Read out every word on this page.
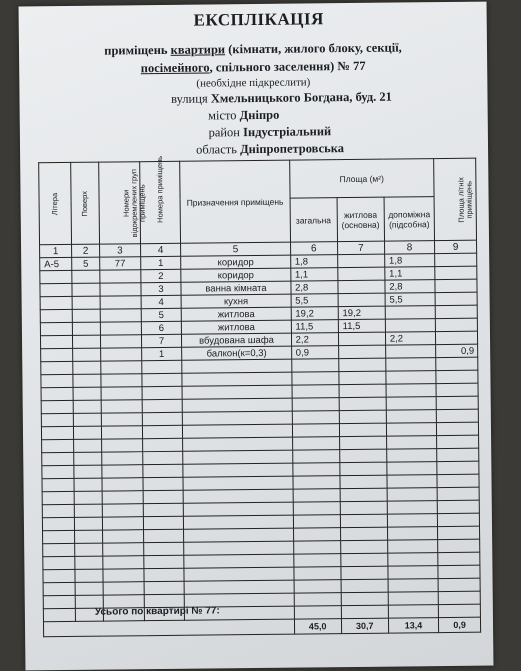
ЕКСПЛІКАЦІЯ
приміщень квартири (кімнати, жилого блоку, секції,
посімейного, спільного заселення) № 77
(необхідне підкреслити)
вулиця Хмельницького Богдана, буд. 21
місто Дніпро
район Індустріальний
область Дніпропетровська
Літера	Поверх	Номери відокремлених груп приміщень	Номера приміщень	Призначення приміщень	Площа (м²)			Площа літніх приміщень

					загальна	житлова (основна)	допоміжна (підсобна)	
1	2	3	4	5	6	7	8	9
А-5	5	77	1	коридор	1,8		1,8	
			2	коридор	1,1		1,1	
			3	ванна кімната	2,8		2,8	
			4	кухня	5,5		5,5	
			5	житлова	19,2	19,2		
			6	житлова	11,5	11,5		
			7	вбудована шафа	2,2		2,2	
			1	балкон(к=0,3)	0,9			0,9

					45,0	30,7	13,4	0,9
Усього по квартирі № 77:
